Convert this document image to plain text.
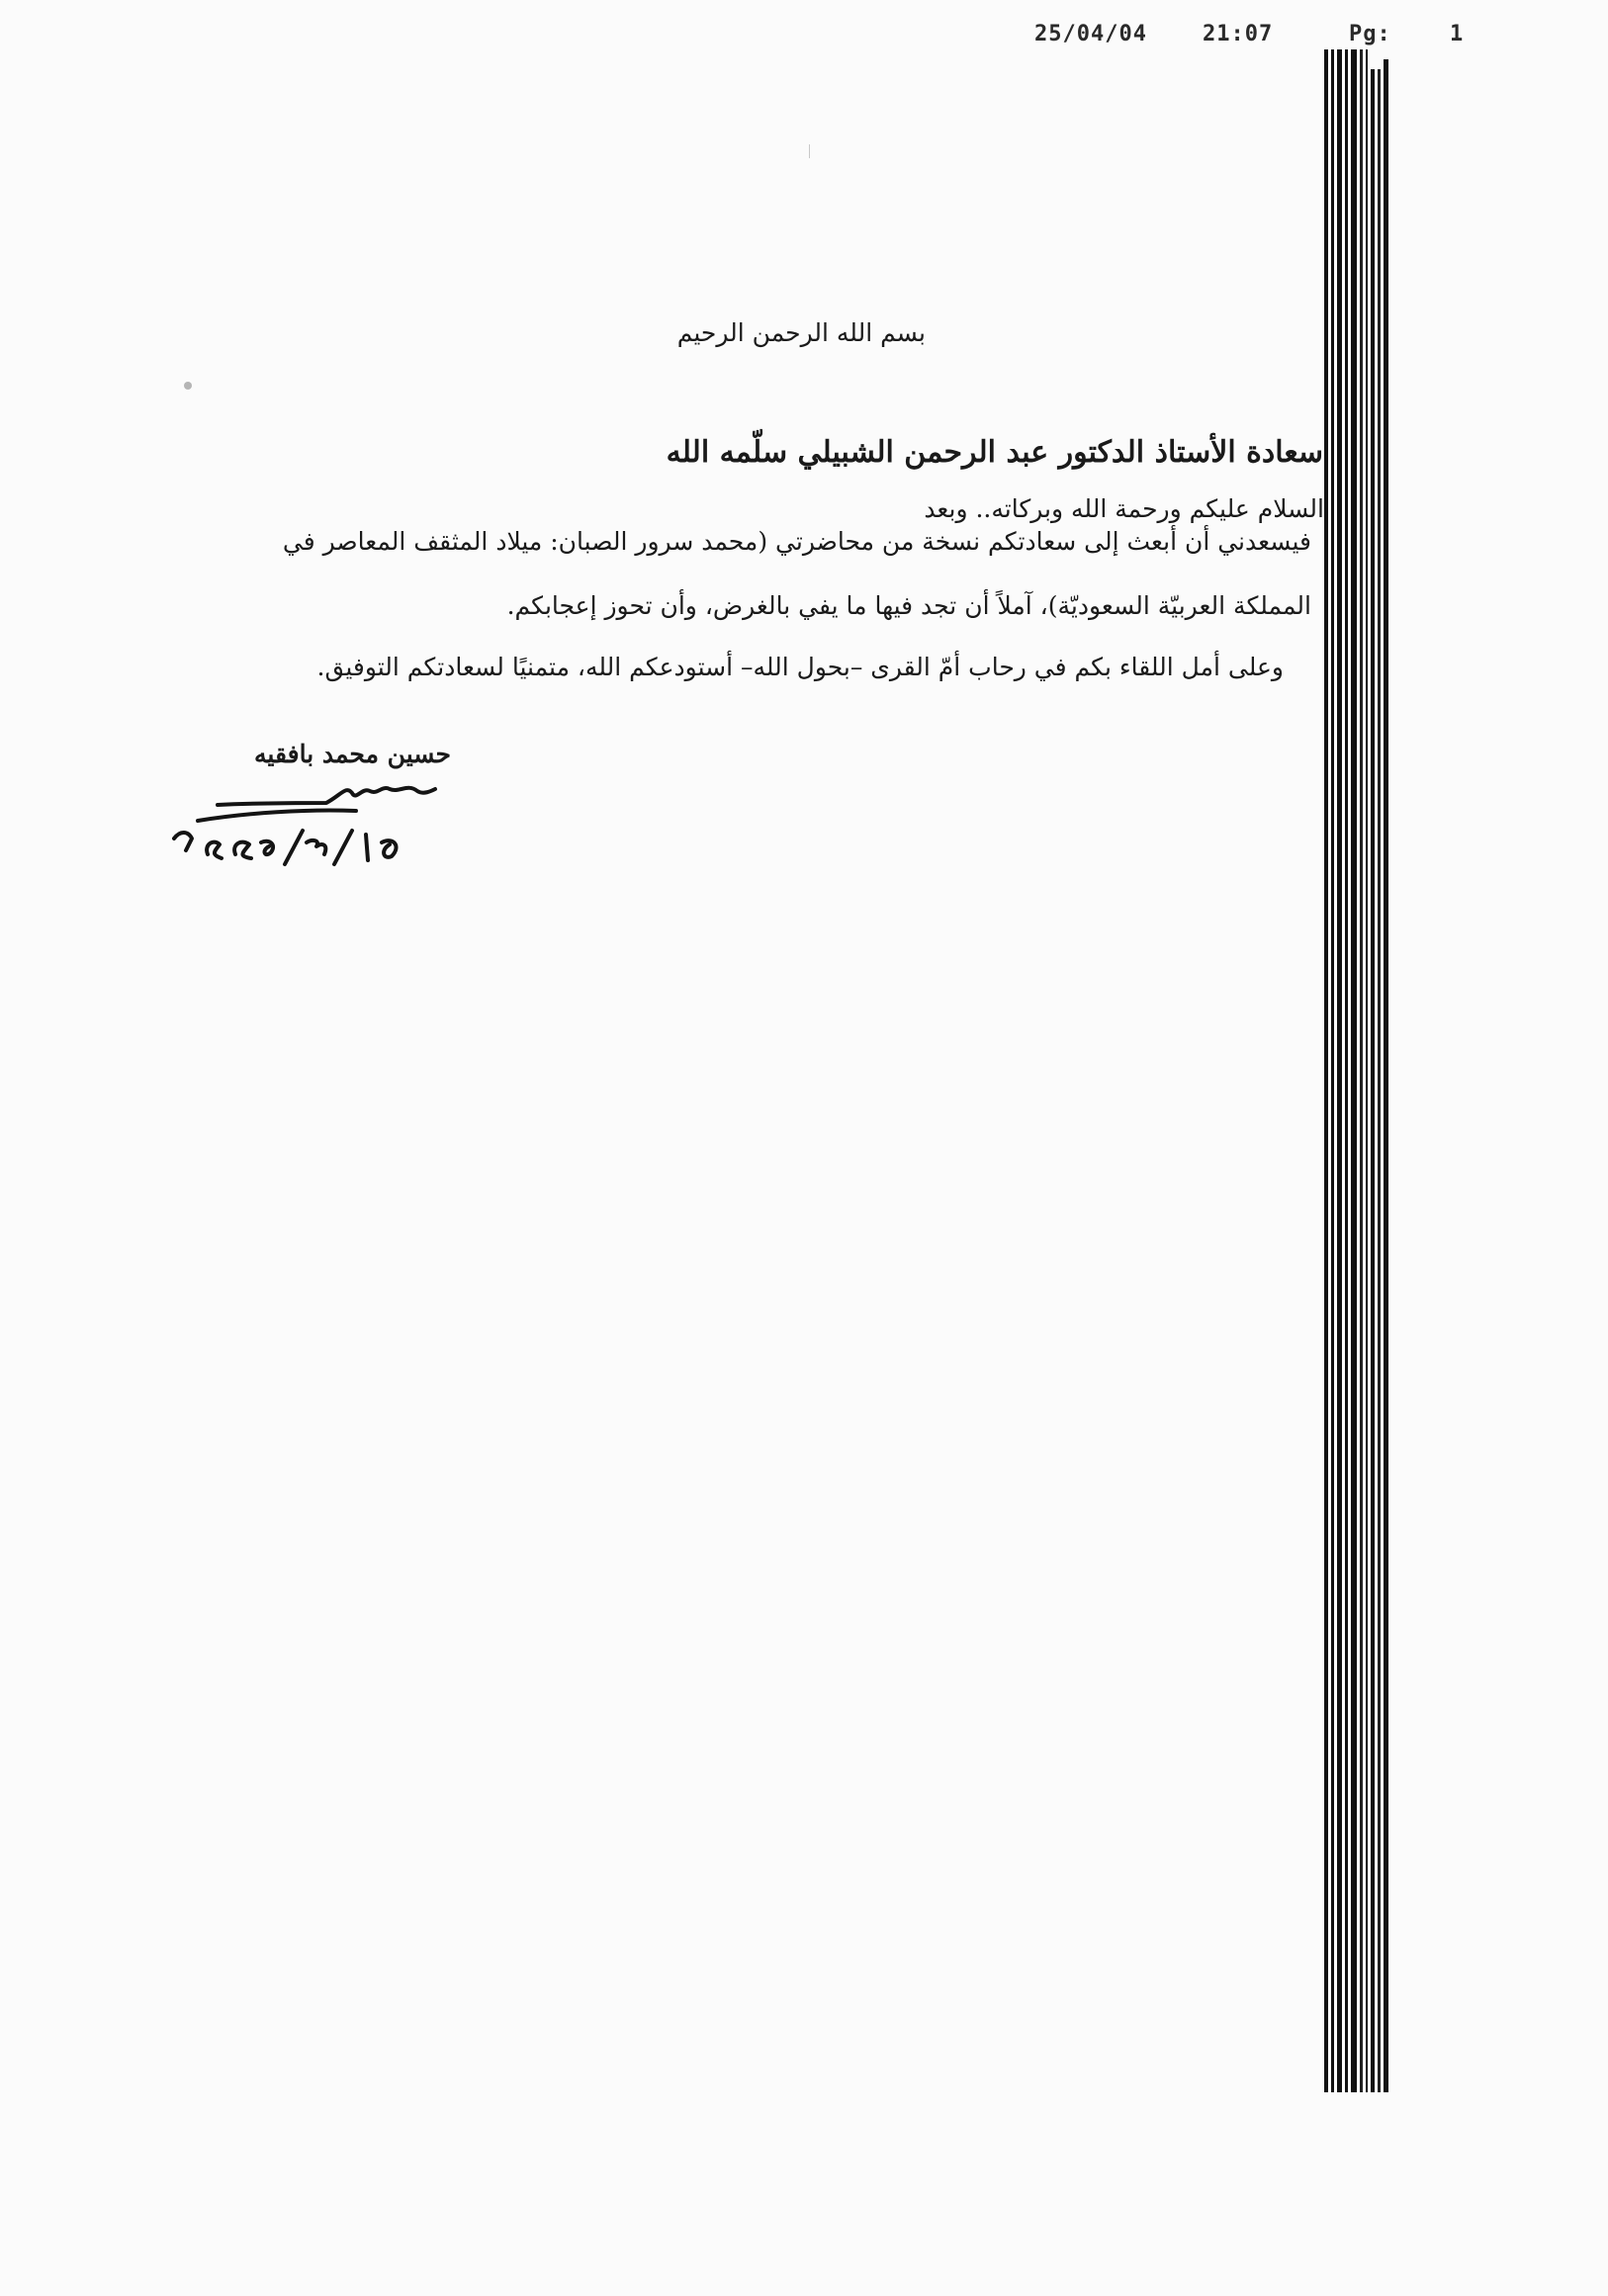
25/04/04	21:07	Pg:	1
بسم الله الرحمن الرحيم
سعادة الأستاذ الدكتور عبد الرحمن الشبيلي سلّمه الله
السلام عليكم ورحمة الله وبركاته.. وبعد
فيسعدني أن أبعث إلى سعادتكم نسخة من محاضرتي (محمد سرور الصبان: ميلاد المثقف المعاصر في
المملكة العربيّة السعوديّة)، آملاً أن تجد فيها ما يفي بالغرض، وأن تحوز إعجابكم.
وعلى أمل اللقاء بكم في رحاب أمّ القرى –بحول الله– أستودعكم الله، متمنيًا لسعادتكم التوفيق.
حسين محمد بافقيه
